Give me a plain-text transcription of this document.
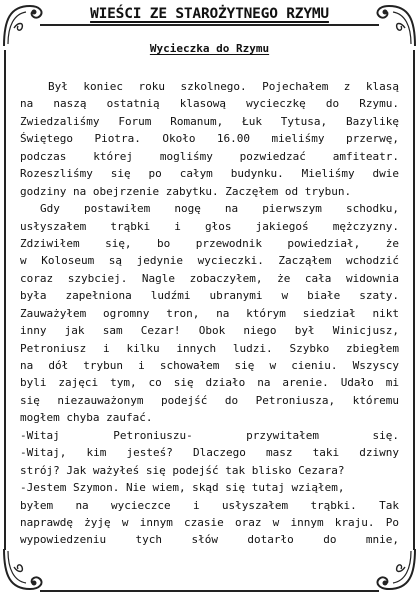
WIEŚCI ZE STAROŻYTNEGO RZYMU
Wycieczka do Rzymu
Był koniec roku szkolnego. Pojechałem z klasą
na naszą ostatnią klasową wycieczkę do Rzymu.
Zwiedzaliśmy Forum Romanum, Łuk Tytusa, Bazylikę
Świętego Piotra. Około 16.00 mieliśmy przerwę,
podczas której mogliśmy pozwiedzać amfiteatr.
Rozeszliśmy się po całym budynku. Mieliśmy dwie
godziny na obejrzenie zabytku. Zaczęłem od trybun.
Gdy postawiłem nogę na pierwszym schodku,
usłyszałem trąbki i głos jakiegoś mężczyzny.
Zdziwiłem się, bo przewodnik powiedział, że
w Koloseum są jedynie wycieczki. Zacząłem wchodzić
coraz szybciej. Nagle zobaczyłem, że cała widownia
była zapełniona ludźmi ubranymi w białe szaty.
Zauważyłem ogromny tron, na którym siedział nikt
inny jak sam Cezar! Obok niego był Winicjusz,
Petroniusz i kilku innych ludzi. Szybko zbiegłem
na dół trybun i schowałem się w cieniu. Wszyscy
byli zajęci tym, co się działo na arenie. Udało mi
się niezauważonym podejść do Petroniusza, któremu
mogłem chyba zaufać.
-Witaj Petroniuszu- przywitałem się.
-Witaj, kim jesteś? Dlaczego masz taki dziwny
strój? Jak ważyłeś się podejść tak blisko Cezara?
-Jestem Szymon. Nie wiem, skąd się tutaj wziąłem,
byłem na wycieczce i usłyszałem trąbki. Tak
naprawdę żyję w innym czasie oraz w innym kraju. Po
wypowiedzeniu tych słów dotarło do mnie,
